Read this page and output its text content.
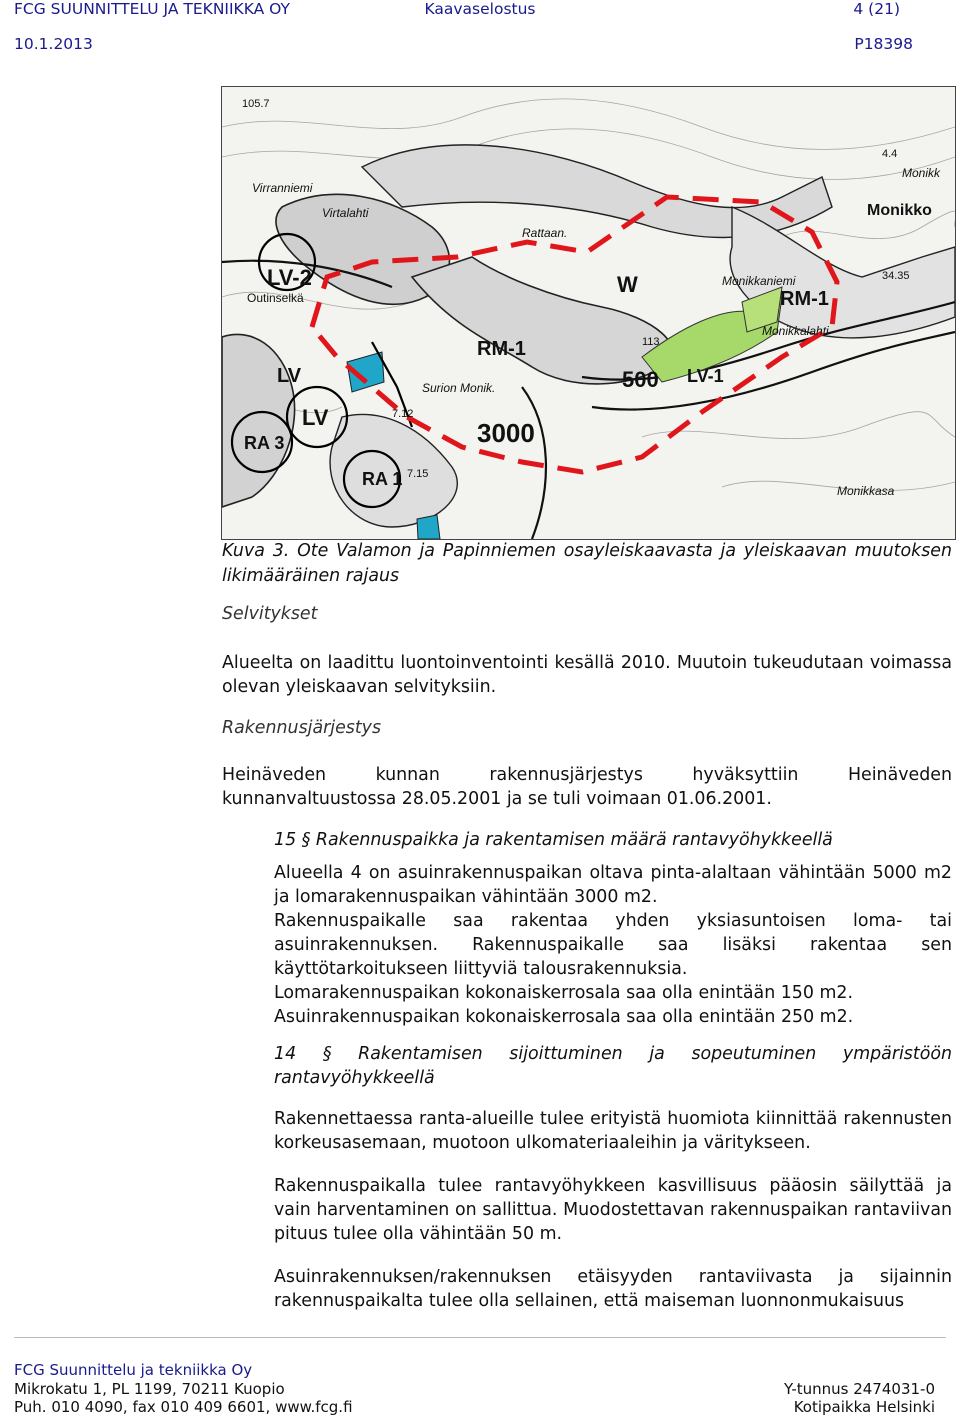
FCG SUUNNITTELU JA TEKNIIKKA OY	Kaavaselostus	4 (21)
10.1.2013	P18398
LV-2
Outinselkä
RM-1
W
3000
RM-1
LV
LV
RA 3
RA 1
Monikkaniemi
Monikko
500 LV-1
Virranniemi
Virtalahti
Monikkasa
Rattaan.
Monikk
Monikkalahti
Surion Monik.
105.7
113
4.4
34.35
7.12
7.15
Kuva 3. Ote Valamon ja Papinniemen osayleiskaavasta ja yleiskaavan muutoksen likimääräinen rajaus
Selvitykset
Alueelta on laadittu luontoinventointi kesällä 2010. Muutoin tukeudutaan voimassa olevan yleiskaavan selvityksiin.
Rakennusjärjestys
Heinäveden kunnan rakennusjärjestys hyväksyttiin Heinäveden kunnanvaltuustossa 28.05.2001 ja se tuli voimaan 01.06.2001.
15 § Rakennuspaikka ja rakentamisen määrä rantavyöhykkeellä
Alueella 4 on asuinrakennuspaikan oltava pinta-alaltaan vähintään 5000 m2 ja lomarakennuspaikan vähintään 3000 m2.
Rakennuspaikalle saa rakentaa yhden yksiasuntoisen loma- tai asuinrakennuksen. Rakennuspaikalle saa lisäksi rakentaa sen käyttötarkoitukseen liittyviä talousrakennuksia.
Lomarakennuspaikan kokonaiskerrosala saa olla enintään 150 m2.
Asuinrakennuspaikan kokonaiskerrosala saa olla enintään 250 m2.
14 § Rakentamisen sijoittuminen ja sopeutuminen ympäristöön rantavyöhykkeellä
Rakennettaessa ranta-alueille tulee erityistä huomiota kiinnittää rakennusten korkeusasemaan, muotoon ulkomateriaaleihin ja väritykseen.
Rakennuspaikalla tulee rantavyöhykkeen kasvillisuus pääosin säilyttää ja vain harventaminen on sallittua. Muodostettavan rakennuspaikan rantaviivan pituus tulee olla vähintään 50 m.
Asuinrakennuksen/rakennuksen etäisyyden rantaviivasta ja sijainnin rakennuspaikalta tulee olla sellainen, että maiseman luonnonmukaisuus
FCG Suunnittelu ja tekniikka Oy
Mikrokatu 1, PL 1199, 70211 Kuopio	Y-tunnus 2474031-0
Puh. 010 4090, fax 010 409 6601, www.fcg.fi	Kotipaikka Helsinki
